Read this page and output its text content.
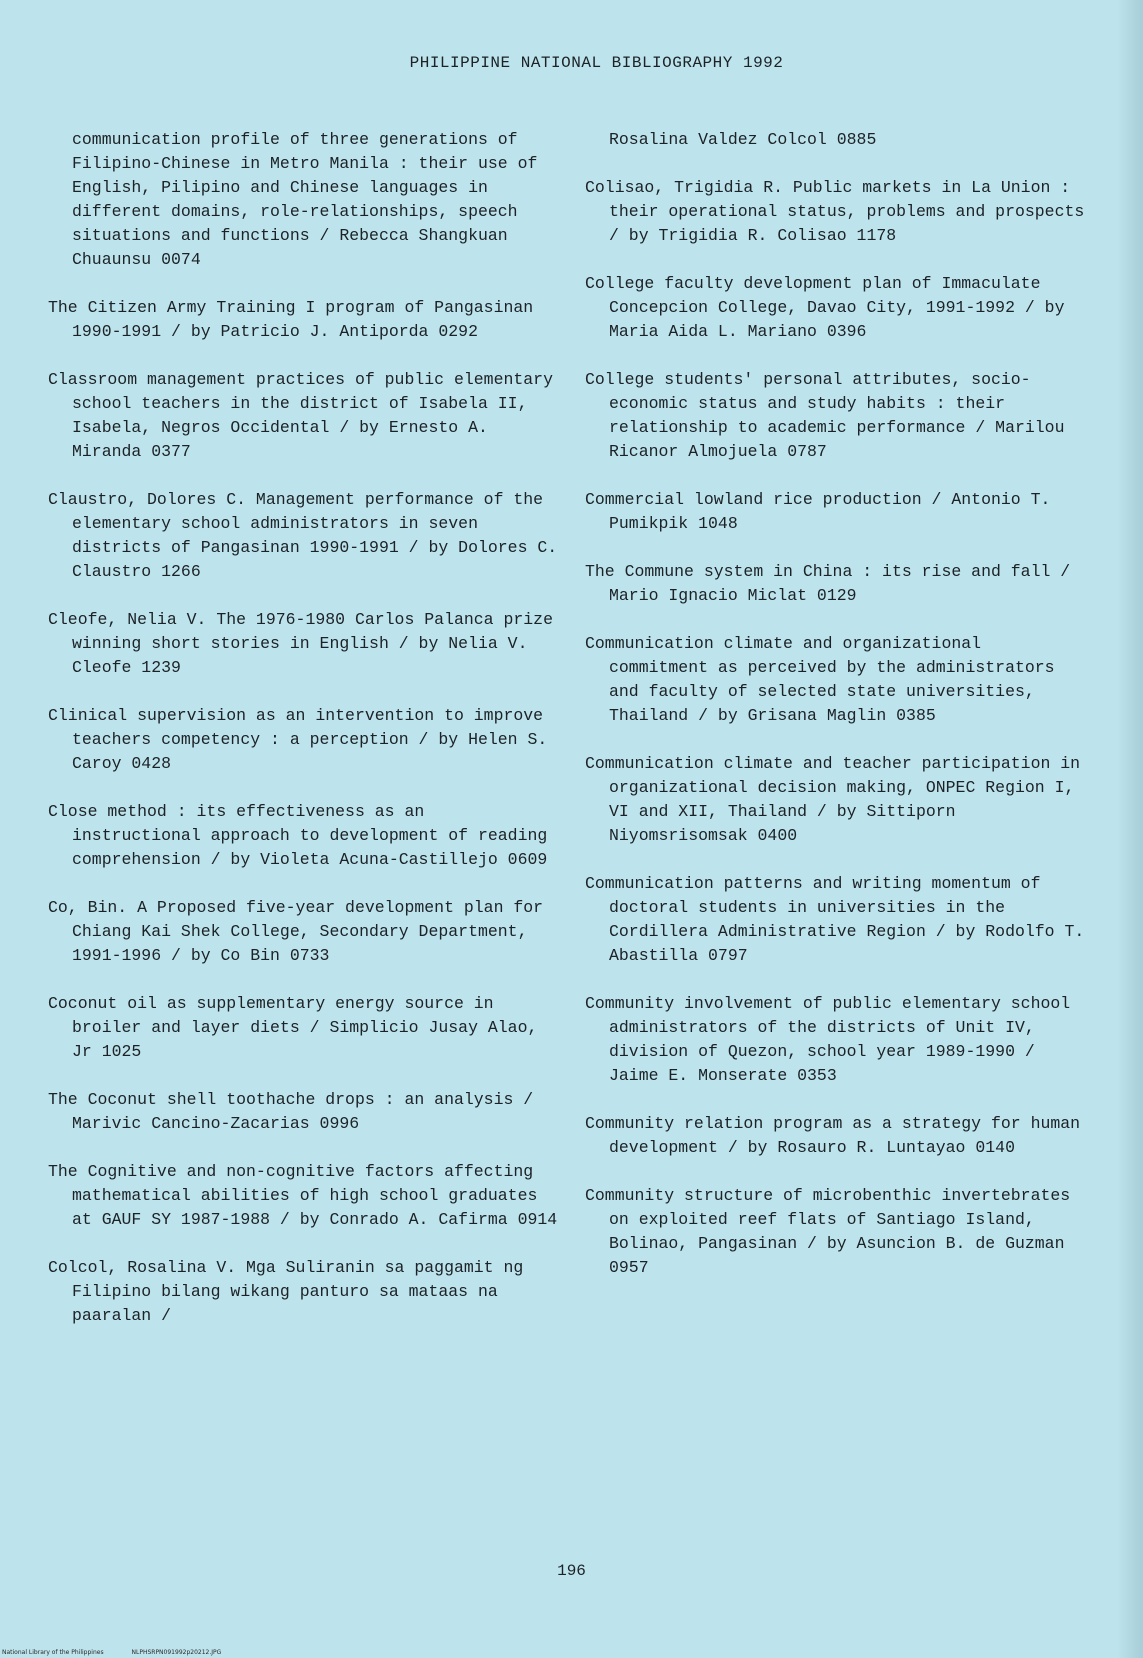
PHILIPPINE NATIONAL BIBLIOGRAPHY 1992

communication profile of three generations of Filipino-Chinese in Metro Manila : their use of English, Pilipino and Chinese languages in different domains, role-relationships, speech situations and functions / Rebecca Shangkuan Chuaunsu 0074

The Citizen Army Training I program of Pangasinan 1990-1991 / by Patricio J. Antiporda 0292

Classroom management practices of public elementary school teachers in the district of Isabela II, Isabela, Negros Occidental / by Ernesto A. Miranda 0377

Claustro, Dolores C. Management performance of the elementary school administrators in seven districts of Pangasinan 1990-1991 / by Dolores C. Claustro 1266

Cleofe, Nelia V. The 1976-1980 Carlos Palanca prize winning short stories in English / by Nelia V. Cleofe 1239

Clinical supervision as an intervention to improve teachers competency : a perception / by Helen S. Caroy 0428

Close method : its effectiveness as an instructional approach to development of reading comprehension / by Violeta Acuna-Castillejo 0609

Co, Bin. A Proposed five-year development plan for Chiang Kai Shek College, Secondary Department, 1991-1996 / by Co Bin 0733

Coconut oil as supplementary energy source in broiler and layer diets / Simplicio Jusay Alao, Jr 1025

The Coconut shell toothache drops : an analysis / Marivic Cancino-Zacarias 0996

The Cognitive and non-cognitive factors affecting mathematical abilities of high school graduates at GAUF SY 1987-1988 / by Conrado A. Cafirma 0914

Colcol, Rosalina V. Mga Suliranin sa paggamit ng Filipino bilang wikang panturo sa mataas na paaralan /

Rosalina Valdez Colcol 0885

Colisao, Trigidia R. Public markets in La Union : their operational status, problems and prospects / by Trigidia R. Colisao 1178

College faculty development plan of Immaculate Concepcion College, Davao City, 1991-1992 / by Maria Aida L. Mariano 0396

College students' personal attributes, socio-economic status and study habits : their relationship to academic performance / Marilou Ricanor Almojuela 0787

Commercial lowland rice production / Antonio T. Pumikpik 1048

The Commune system in China : its rise and fall / Mario Ignacio Miclat 0129

Communication climate and organizational commitment as perceived by the administrators and faculty of selected state universities, Thailand / by Grisana Maglin 0385

Communication climate and teacher participation in organizational decision making, ONPEC Region I, VI and XII, Thailand / by Sittiporn Niyomsrisomsak 0400

Communication patterns and writing momentum of doctoral students in universities in the Cordillera Administrative Region / by Rodolfo T. Abastilla 0797

Community involvement of public elementary school administrators of the districts of Unit IV, division of Quezon, school year 1989-1990 / Jaime E. Monserate 0353

Community relation program as a strategy for human development / by Rosauro R. Luntayao 0140

Community structure of microbenthic invertebrates on exploited reef flats of Santiago Island, Bolinao, Pangasinan / by Asuncion B. de Guzman 0957

196
National Library of the Philippines	NLPHSRPN091992p20212.JPG
